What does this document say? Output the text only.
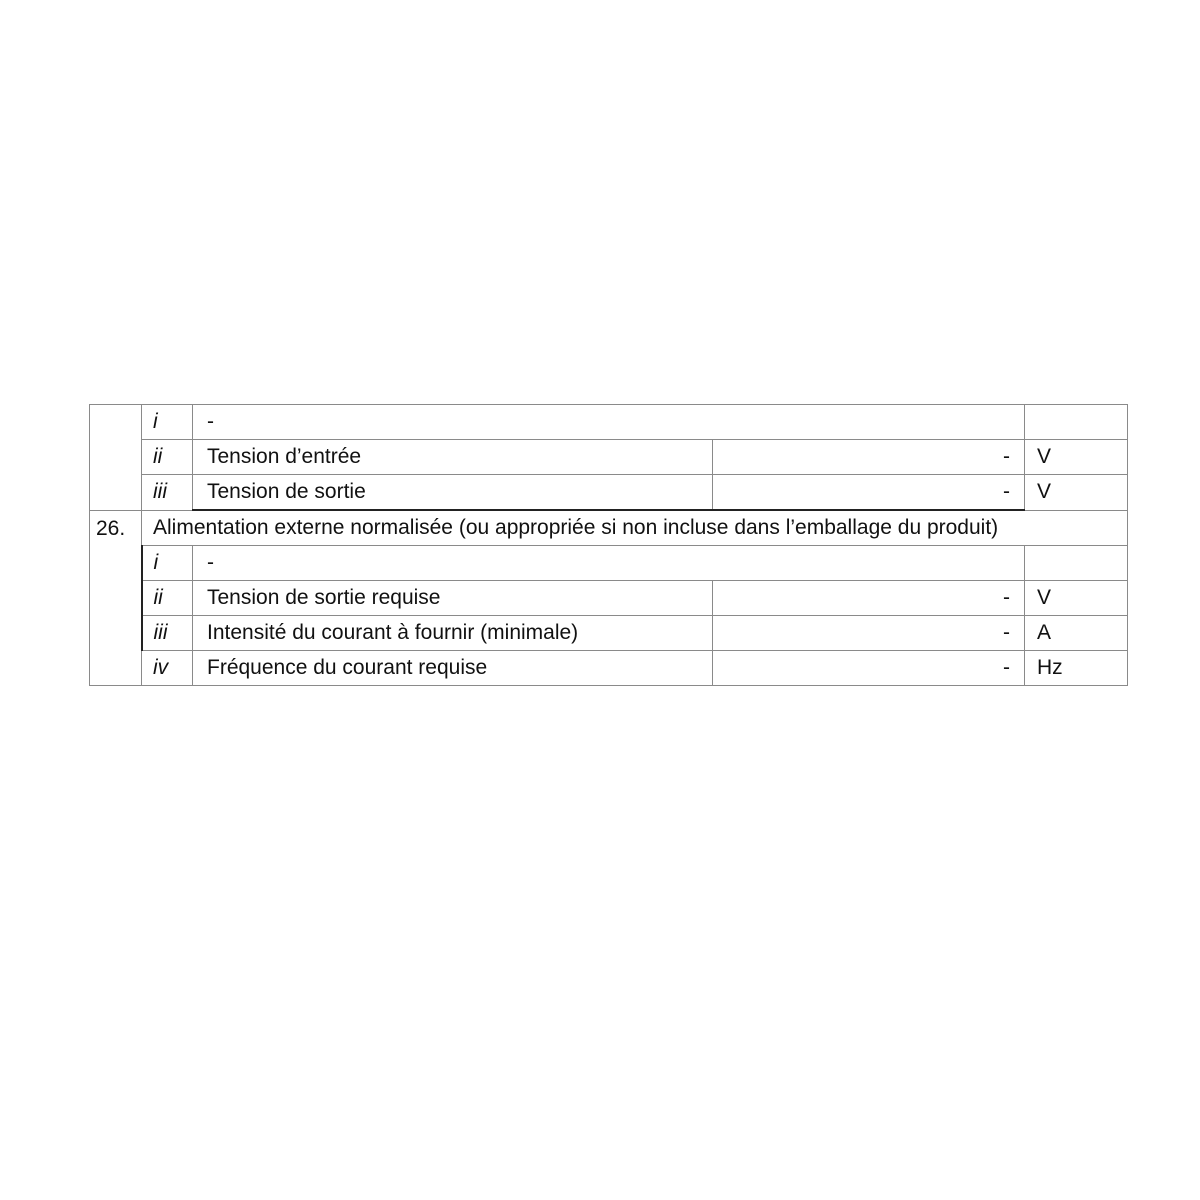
	i	-		
	ii	Tension d’entrée	-	V
	iii	Tension de sortie	-	V
26.	Alimentation externe normalisée (ou appropriée si non incluse dans l’emballage du produit)			
	i	-		
	ii	Tension de sortie requise	-	V
	iii	Intensité du courant à fournir (minimale)	-	A
	iv	Fréquence du courant requise	-	Hz
